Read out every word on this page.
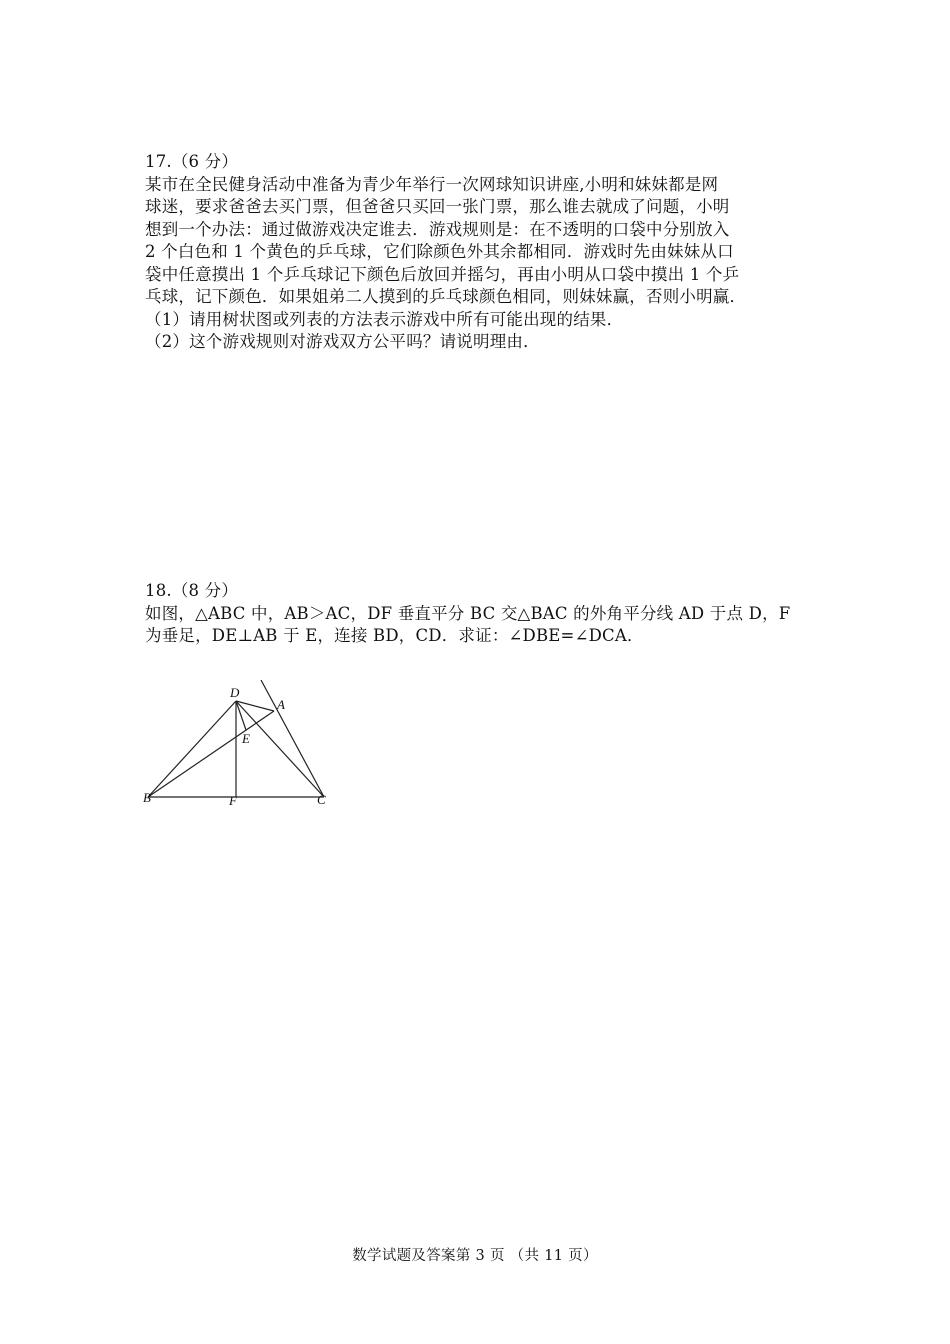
17.（6 分）
某市在全民健身活动中准备为青少年举行一次网球知识讲座,小明和妹妹都是网
球迷，要求爸爸去买门票，但爸爸只买回一张门票，那么谁去就成了问题，小明
想到一个办法：通过做游戏决定谁去．游戏规则是：在不透明的口袋中分别放入
2 个白色和 1 个黄色的乒乓球，它们除颜色外其余都相同．游戏时先由妹妹从口
袋中任意摸出 1 个乒乓球记下颜色后放回并摇匀，再由小明从口袋中摸出 1 个乒
乓球，记下颜色．如果姐弟二人摸到的乒乓球颜色相同，则妹妹赢，否则小明赢．
（1）请用树状图或列表的方法表示游戏中所有可能出现的结果．
（2）这个游戏规则对游戏双方公平吗？请说明理由．
18.（8 分）
如图，△ABC 中，AB＞AC，DF 垂直平分 BC 交△BAC 的外角平分线 AD 于点 D，F
为垂足，DE⊥AB 于 E，连接 BD，CD．求证：∠DBE=∠DCA．
D
A
E
B	F	C
数学试题及答案第 3 页 （共 11 页）
